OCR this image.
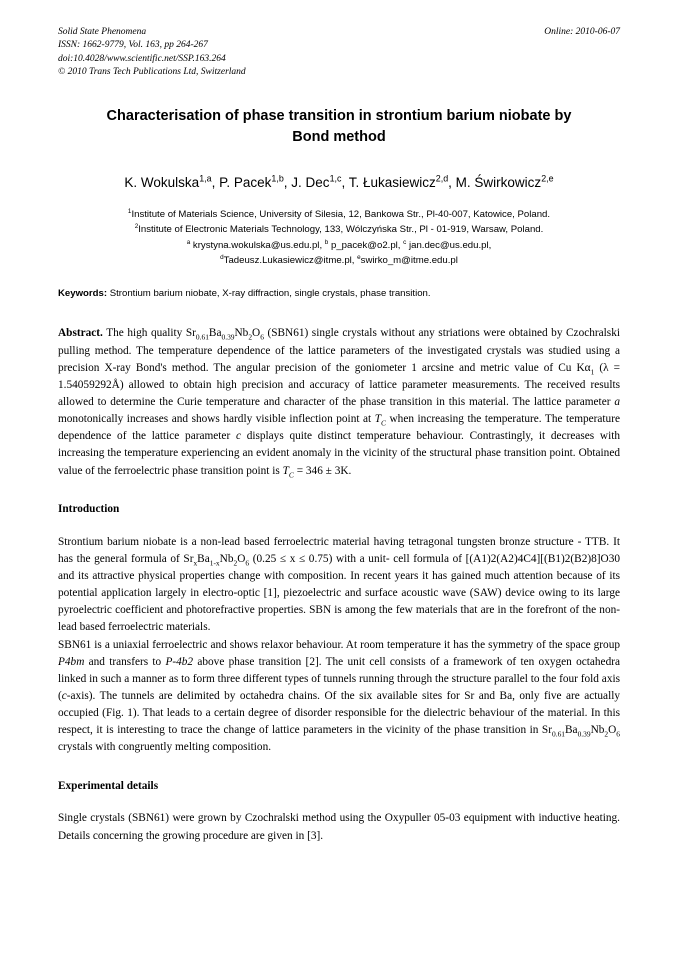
Solid State Phenomena
ISSN: 1662-9779, Vol. 163, pp 264-267
doi:10.4028/www.scientific.net/SSP.163.264
© 2010 Trans Tech Publications Ltd, Switzerland
Online: 2010-06-07
Characterisation of phase transition in strontium barium niobate by
Bond method
K. Wokulska$^{1,a}$, P. Pacek$^{1,b}$, J. Dec$^{1,c}$, T. Łukasiewicz$^{2,d}$, M. Świrkowicz$^{2,e}$
$^1$Institute of Materials Science, University of Silesia, 12, Bankowa Str., Pl-40-007, Katowice, Poland.
$^2$Institute of Electronic Materials Technology, 133, Wólczyńska Str., Pl - 01-919, Warsaw, Poland.
$^a$ krystyna.wokulska@us.edu.pl, $^b$ p_pacek@o2.pl, $^c$ jan.dec@us.edu.pl,
$^d$Tadeusz.Lukasiewicz@itme.pl, $^e$swirko_m@itme.edu.pl
Keywords: Strontium barium niobate, X-ray diffraction, single crystals, phase transition.
Abstract. The high quality $Sr_{0.61}Ba_{0.39}Nb_2O_6$ (SBN61) single crystals without any striations were obtained by Czochralski pulling method. The temperature dependence of the lattice parameters of the investigated crystals was studied using a precision X-ray Bond's method. The angular precision of the goniometer 1 arcsine and metric value of Cu $K\alpha_1$ (λ = 1.54059292Å) allowed to obtain high precision and accuracy of lattice parameter measurements. The received results allowed to determine the Curie temperature and character of the phase transition in this material. The lattice parameter a monotonically increases and shows hardly visible inflection point at $T_C$ when increasing the temperature. The temperature dependence of the lattice parameter c displays quite distinct temperature behaviour. Contrastingly, it decreases with increasing the temperature experiencing an evident anomaly in the vicinity of the structural phase transition point. Obtained value of the ferroelectric phase transition point is $T_C = 346 \pm 3K$.
Introduction

Strontium barium niobate is a non-lead based ferroelectric material having tetragonal tungsten bronze structure - TTB. It has the general formula of $Sr_xBa_{1-x}Nb_2O_6$ (0.25 ≤ x ≤ 0.75) with a unit- cell formula of [(A1)2(A2)4C4][(B1)2(B2)8]O30 and its attractive physical properties change with composition. In recent years it has gained much attention because of its potential application largely in electro-optic [1], piezoelectric and surface acoustic wave (SAW) device owing to its large pyroelectric coefficient and photorefractive properties. SBN is among the few materials that are in the forefront of the non-lead based ferroelectric materials.

SBN61 is a uniaxial ferroelectric and shows relaxor behaviour. At room temperature it has the symmetry of the space group P4bm and transfers to P-4b2 above phase transition [2]. The unit cell consists of a framework of ten oxygen octahedra linked in such a manner as to form three different types of tunnels running through the structure parallel to the four fold axis (c-axis). The tunnels are delimited by octahedra chains. Of the six available sites for Sr and Ba, only five are actually occupied (Fig. 1). That leads to a certain degree of disorder responsible for the dielectric behaviour of the material. In this respect, it is interesting to trace the change of lattice parameters in the vicinity of the phase transition in $Sr_{0.61}Ba_{0.39}Nb_2O_6$ crystals with congruently melting composition.

Experimental details

Single crystals (SBN61) were grown by Czochralski method using the Oxypuller 05-03 equipment with inductive heating. Details concerning the growing procedure are given in [3].
